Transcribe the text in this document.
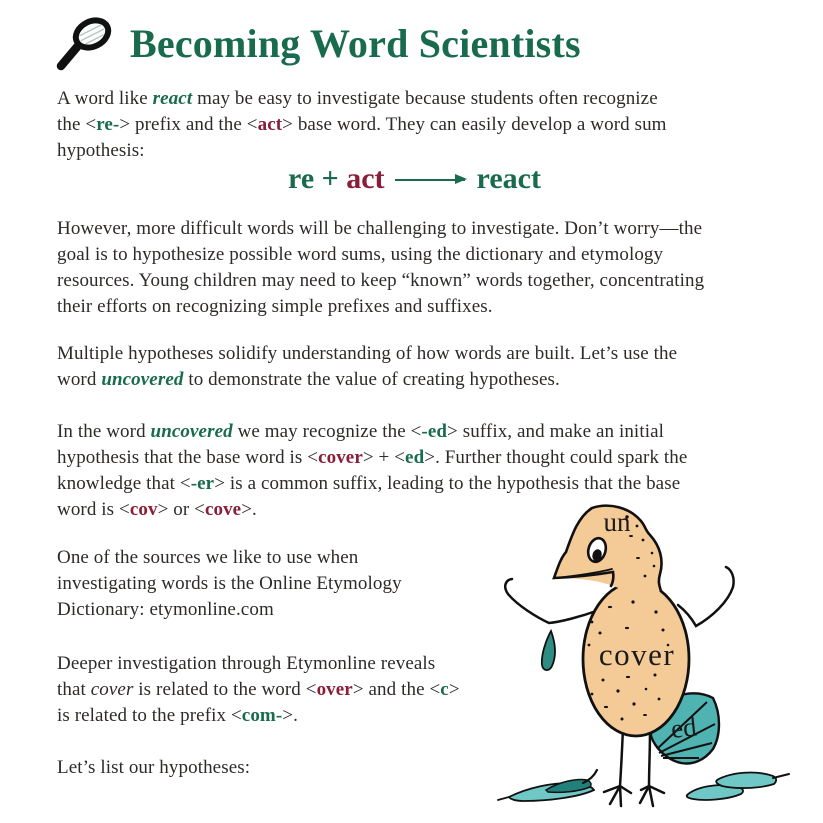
Becoming Word Scientists
A word like react may be easy to investigate because students often recognize
the <re-> prefix and the <act> base word. They can easily develop a word sum
hypothesis:
re + act	react
However, more difficult words will be challenging to investigate. Don’t worry—the
goal is to hypothesize possible word sums, using the dictionary and etymology
resources. Young children may need to keep “known” words together, concentrating
their efforts on recognizing simple prefixes and suffixes.
Multiple hypotheses solidify understanding of how words are built. Let’s use the
word uncovered to demonstrate the value of creating hypotheses.
In the word uncovered we may recognize the <-ed> suffix, and make an initial
hypothesis that the base word is <cover> + <ed>. Further thought could spark the
knowledge that <-er> is a common suffix, leading to the hypothesis that the base
word is <cov> or <cove>.
One of the sources we like to use when
investigating words is the Online Etymology
Dictionary: etymonline.com
Deeper investigation through Etymonline reveals
that cover is related to the word <over> and the <c>
is related to the prefix <com->.
Let’s list our hypotheses:
un
cover
ed
